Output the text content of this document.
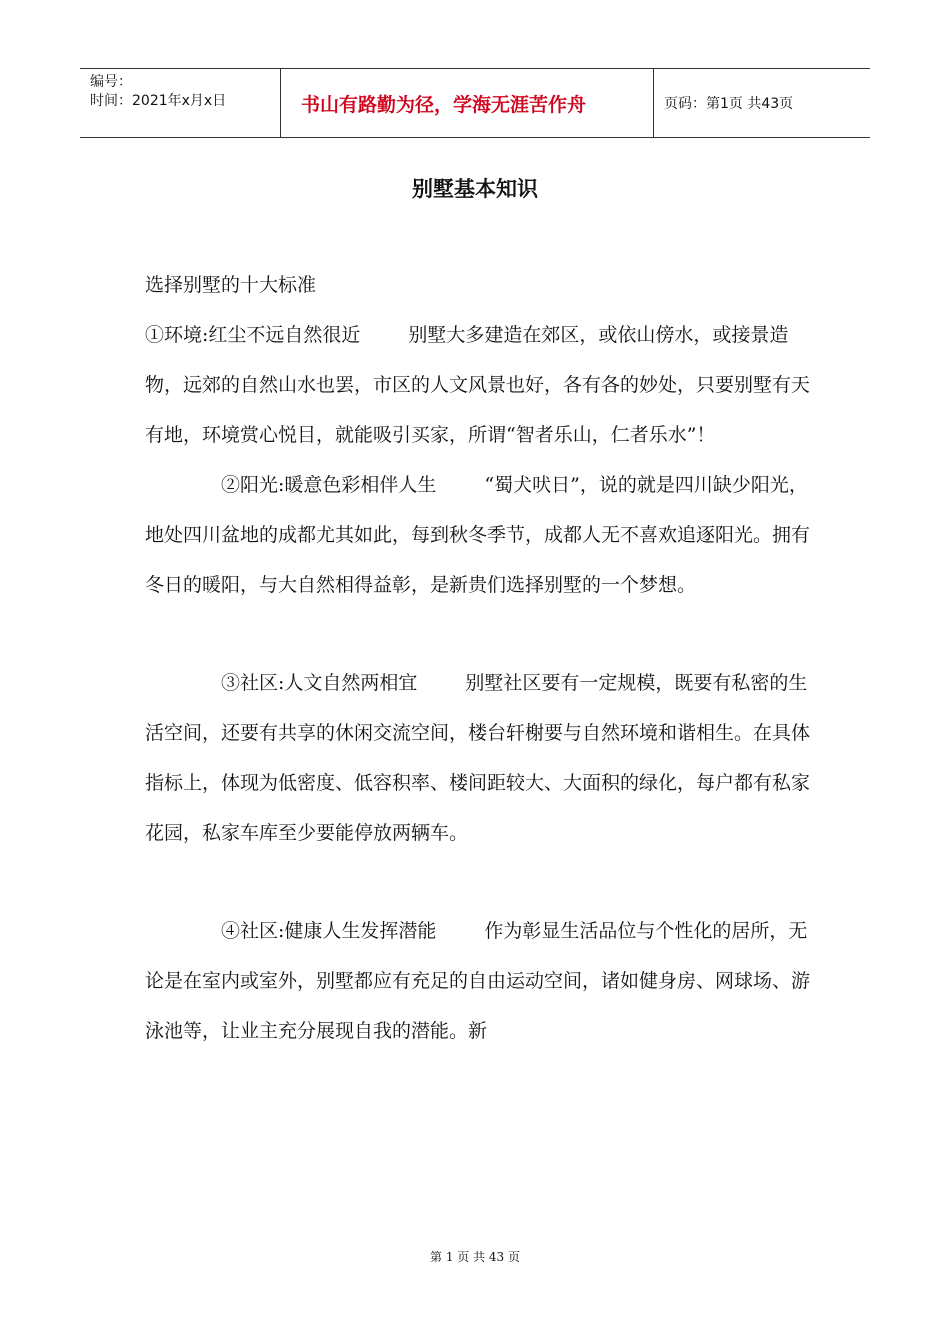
编号：
时间：2021年x月x日	书山有路勤为径，学海无涯苦作舟	页码：第1页 共43页
别墅基本知识

选择别墅的十大标准

①环境:红尘不远自然很近	别墅大多建造在郊区，或依山傍水，或接景造物，远郊的自然山水也罢，市区的人文风景也好，各有各的妙处，只要别墅有天有地，环境赏心悦目，就能吸引买家，所谓“智者乐山，仁者乐水”！

②阳光:暖意色彩相伴人生	“蜀犬吠日”，说的就是四川缺少阳光，地处四川盆地的成都尤其如此，每到秋冬季节，成都人无不喜欢追逐阳光。拥有冬日的暖阳，与大自然相得益彰，是新贵们选择别墅的一个梦想。

③社区:人文自然两相宜	别墅社区要有一定规模，既要有私密的生活空间，还要有共享的休闲交流空间，楼台轩榭要与自然环境和谐相生。在具体指标上，体现为低密度、低容积率、楼间距较大、大面积的绿化，每户都有私家花园，私家车库至少要能停放两辆车。

④社区:健康人生发挥潜能	作为彰显生活品位与个性化的居所，无论是在室内或室外，别墅都应有充足的自由运动空间，诸如健身房、网球场、游泳池等，让业主充分展现自我的潜能。新

第 1 页 共 43 页
